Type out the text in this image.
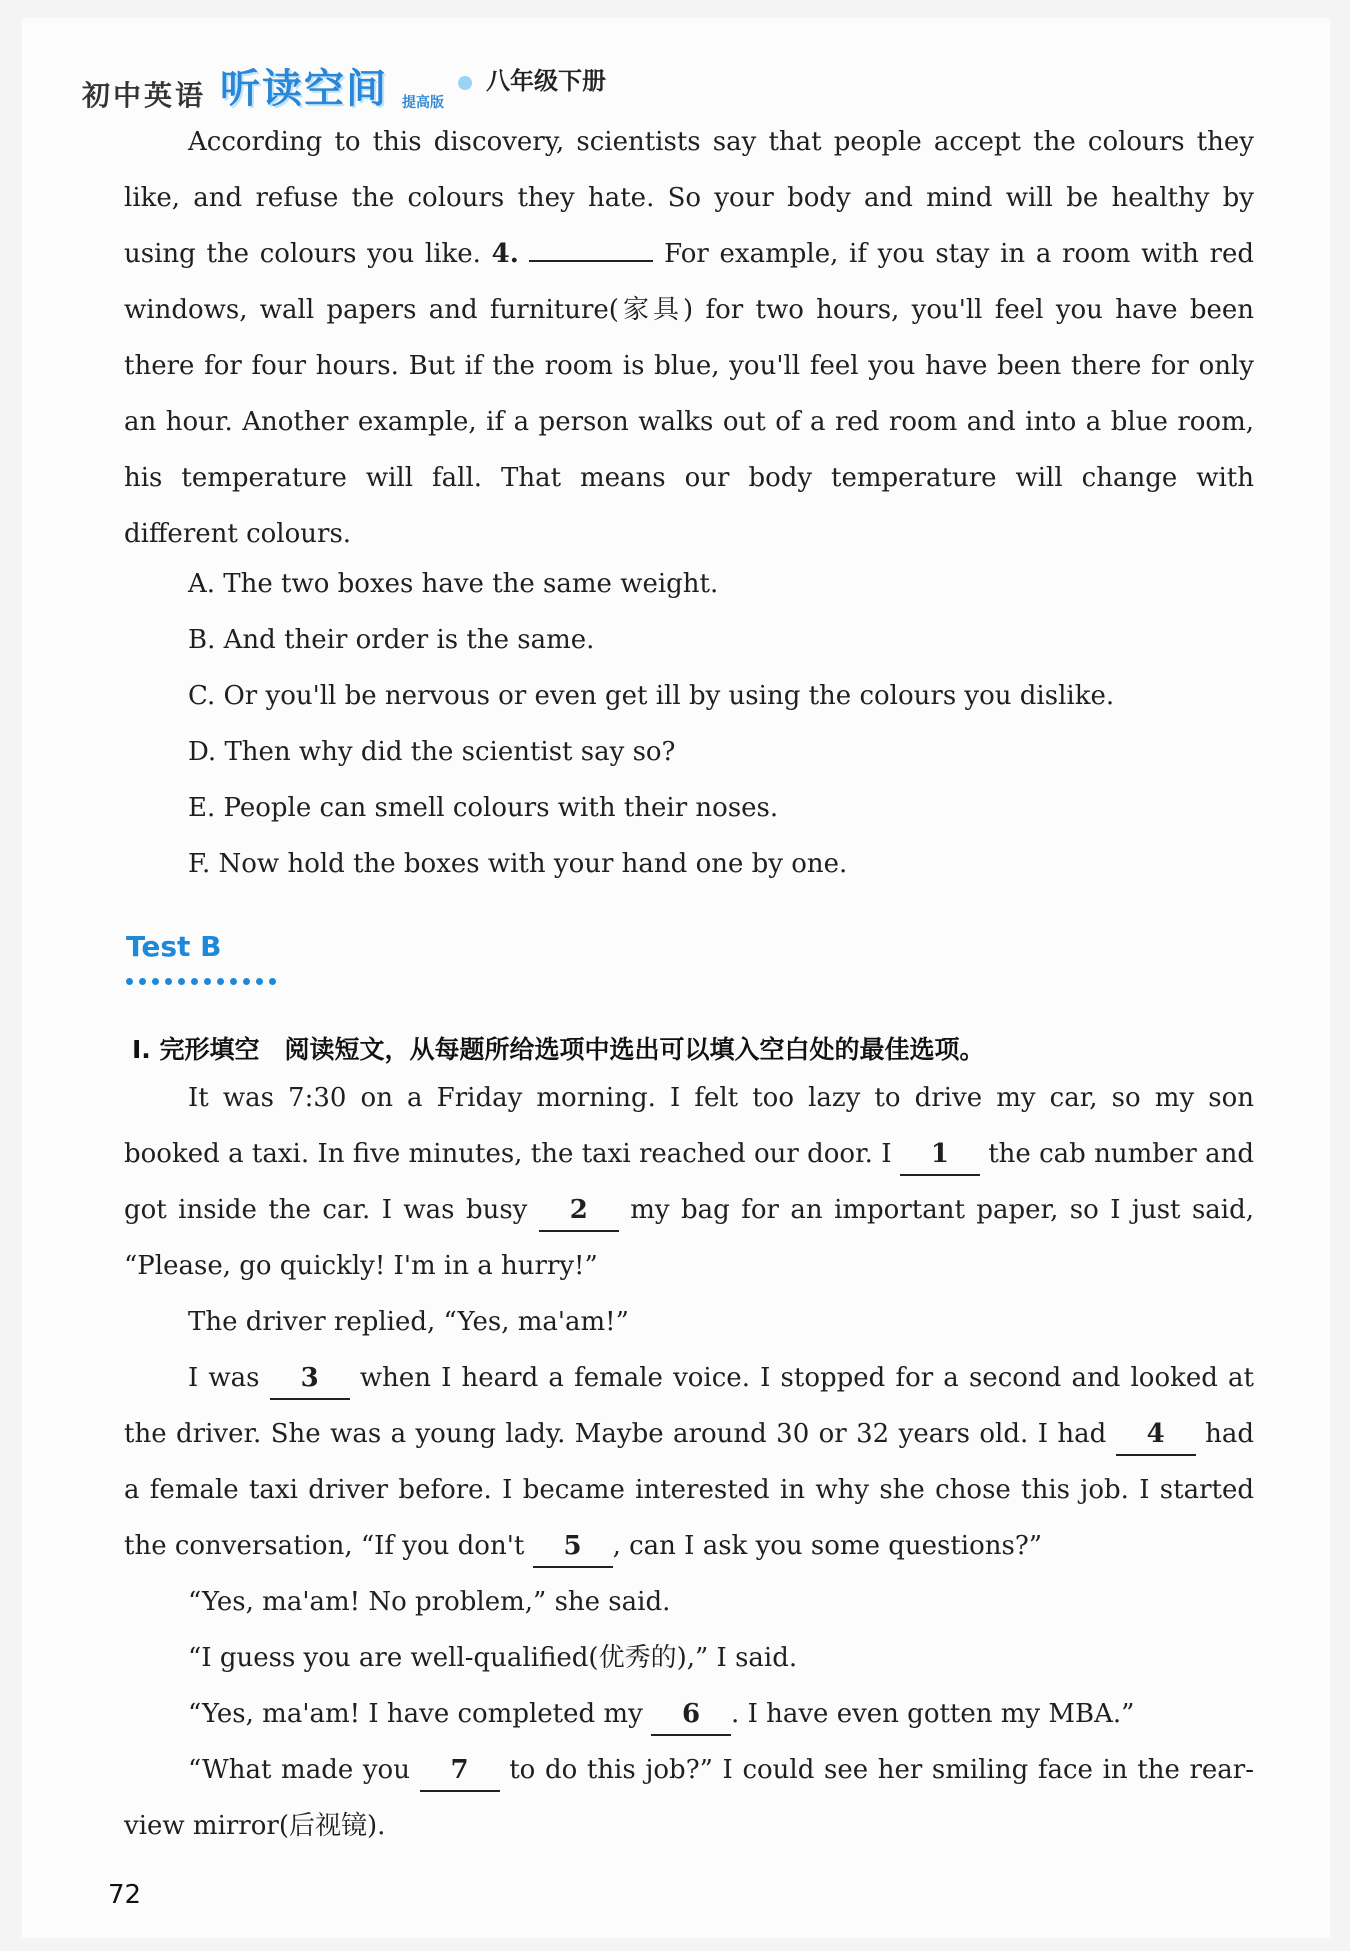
初中英语 听读空间 提高版
八年级下册

According to this discovery, scientists say that people accept the colours they like, and refuse the colours they hate. So your body and mind will be healthy by using the colours you like. 4.	For example, if you stay in a room with red windows, wall papers and furniture(家具) for two hours, you'll feel you have been there for four hours. But if the room is blue, you'll feel you have been there for only an hour. Another example, if a person walks out of a red room and into a blue room, his temperature will fall. That means our body temperature will change with different colours.

A. The two boxes have the same weight.
B. And their order is the same.
C. Or you'll be nervous or even get ill by using the colours you dislike.
D. Then why did the scientist say so?
E. People can smell colours with their noses.
F. Now hold the boxes with your hand one by one.
Test B
I. 完形填空　阅读短文，从每题所给选项中选出可以填入空白处的最佳选项。

It was 7:30 on a Friday morning. I felt too lazy to drive my car, so my son booked a taxi. In five minutes, the taxi reached our door. I 1 the cab number and got inside the car. I was busy 2 my bag for an important paper, so I just said, “Please, go quickly! I'm in a hurry!”

The driver replied, “Yes, ma'am!”

I was 3 when I heard a female voice. I stopped for a second and looked at the driver. She was a young lady. Maybe around 30 or 32 years old. I had 4 had a female taxi driver before. I became interested in why she chose this job. I started the conversation, “If you don't 5 , can I ask you some questions?”

“Yes, ma'am! No problem,” she said.

“I guess you are well-qualified(优秀的),” I said.

“Yes, ma'am! I have completed my 6 . I have even gotten my MBA.”

“What made you 7 to do this job?” I could see her smiling face in the rear-view mirror(后视镜).

72
